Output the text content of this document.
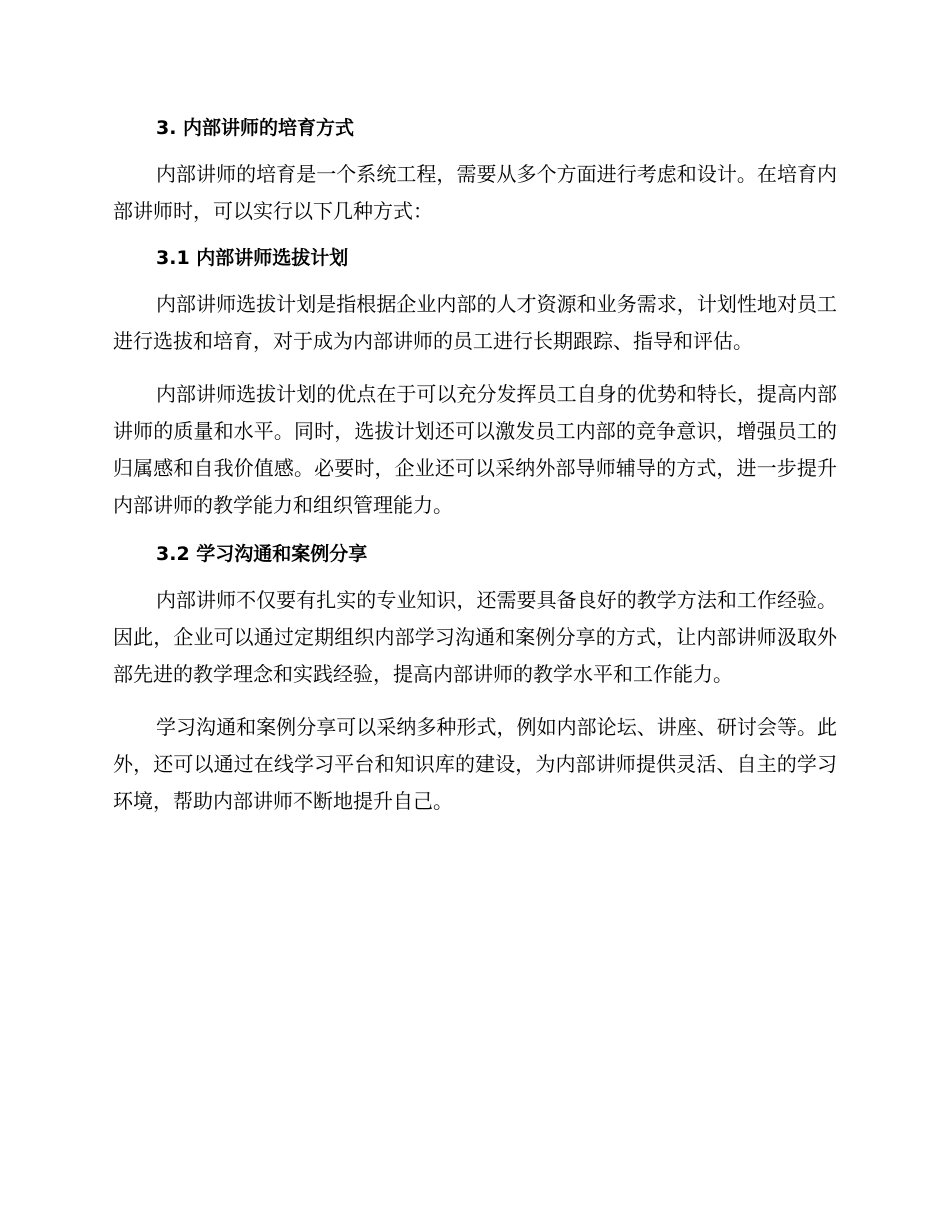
3. 内部讲师的培育方式

内部讲师的培育是一个系统工程，需要从多个方面进行考虑和设计。在培育内部讲师时，可以实行以下几种方式：

3.1 内部讲师选拔计划

内部讲师选拔计划是指根据企业内部的人才资源和业务需求，计划性地对员工进行选拔和培育，对于成为内部讲师的员工进行长期跟踪、指导和评估。

内部讲师选拔计划的优点在于可以充分发挥员工自身的优势和特长，提高内部讲师的质量和水平。同时，选拔计划还可以激发员工内部的竞争意识，增强员工的归属感和自我价值感。必要时，企业还可以采纳外部导师辅导的方式，进一步提升内部讲师的教学能力和组织管理能力。

3.2 学习沟通和案例分享

内部讲师不仅要有扎实的专业知识，还需要具备良好的教学方法和工作经验。因此，企业可以通过定期组织内部学习沟通和案例分享的方式，让内部讲师汲取外部先进的教学理念和实践经验，提高内部讲师的教学水平和工作能力。

学习沟通和案例分享可以采纳多种形式，例如内部论坛、讲座、研讨会等。此外，还可以通过在线学习平台和知识库的建设，为内部讲师提供灵活、自主的学习环境，帮助内部讲师不断地提升自己。
